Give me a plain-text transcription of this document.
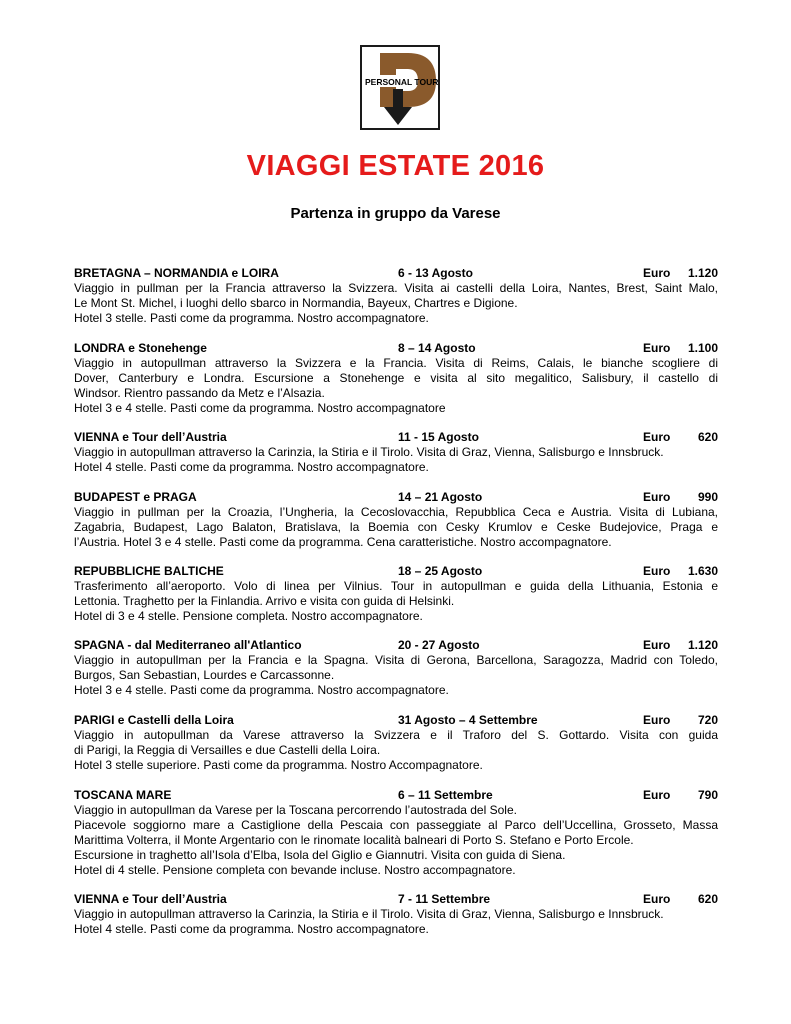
PERSONAL TOUR
VIAGGI ESTATE 2016
Partenza in gruppo da Varese
BRETAGNA – NORMANDIA e LOIRA	6 - 13 Agosto	Euro 1.120
Viaggio in pullman per la Francia attraverso la Svizzera. Visita ai castelli della Loira, Nantes, Brest, Saint Malo,
Le Mont St. Michel, i luoghi dello sbarco in Normandia, Bayeux, Chartres e Digione.
Hotel 3 stelle. Pasti come da programma. Nostro accompagnatore.
LONDRA e Stonehenge	8 – 14 Agosto	Euro 1.100
Viaggio in autopullman attraverso la Svizzera e la Francia. Visita di Reims, Calais, le bianche scogliere di
Dover, Canterbury e Londra. Escursione a Stonehenge e visita al sito megalitico, Salisbury, il castello di
Windsor. Rientro passando da Metz e l’Alsazia.
Hotel 3 e 4 stelle. Pasti come da programma. Nostro accompagnatore
VIENNA e Tour dell’Austria	11 - 15 Agosto	Euro 620
Viaggio in autopullman attraverso la Carinzia, la Stiria e il Tirolo. Visita di Graz, Vienna, Salisburgo e Innsbruck.
Hotel 4 stelle. Pasti come da programma. Nostro accompagnatore.
BUDAPEST e PRAGA	14 – 21 Agosto	Euro 990
Viaggio in pullman per la Croazia, l’Ungheria, la Cecoslovacchia, Repubblica Ceca e Austria. Visita di Lubiana,
Zagabria, Budapest, Lago Balaton, Bratislava, la Boemia con Cesky Krumlov e Ceske Budejovice, Praga e
l’Austria. Hotel 3 e 4 stelle. Pasti come da programma. Cena caratteristiche. Nostro accompagnatore.
REPUBBLICHE BALTICHE	18 – 25 Agosto	Euro 1.630
Trasferimento all’aeroporto. Volo di linea per Vilnius. Tour in autopullman e guida della Lithuania, Estonia e
Lettonia. Traghetto per la Finlandia. Arrivo e visita con guida di Helsinki.
Hotel di 3 e 4 stelle. Pensione completa. Nostro accompagnatore.
SPAGNA - dal Mediterraneo all'Atlantico	20 - 27 Agosto	Euro 1.120
Viaggio in autopullman per la Francia e la Spagna. Visita di Gerona, Barcellona, Saragozza, Madrid con Toledo,
Burgos, San Sebastian, Lourdes e Carcassonne.
Hotel 3 e 4 stelle. Pasti come da programma. Nostro accompagnatore.
PARIGI e Castelli della Loira	31 Agosto – 4 Settembre	Euro 720
Viaggio in autopullman da Varese attraverso la Svizzera e il Traforo del S. Gottardo. Visita con guida
di Parigi, la Reggia di Versailles e due Castelli della Loira.
Hotel 3 stelle superiore. Pasti come da programma. Nostro Accompagnatore.
TOSCANA MARE	6 – 11 Settembre	Euro 790
Viaggio in autopullman da Varese per la Toscana percorrendo l’autostrada del Sole.
Piacevole soggiorno mare a Castiglione della Pescaia con passeggiate al Parco dell’Uccellina, Grosseto, Massa
Marittima Volterra, il Monte Argentario con le rinomate località balneari di Porto S. Stefano e Porto Ercole.
Escursione in traghetto all’Isola d’Elba, Isola del Giglio e Giannutri. Visita con guida di Siena.
Hotel di 4 stelle. Pensione completa con bevande incluse. Nostro accompagnatore.
VIENNA e Tour dell’Austria	7 - 11 Settembre	Euro 620
Viaggio in autopullman attraverso la Carinzia, la Stiria e il Tirolo. Visita di Graz, Vienna, Salisburgo e Innsbruck.
Hotel 4 stelle. Pasti come da programma. Nostro accompagnatore.
